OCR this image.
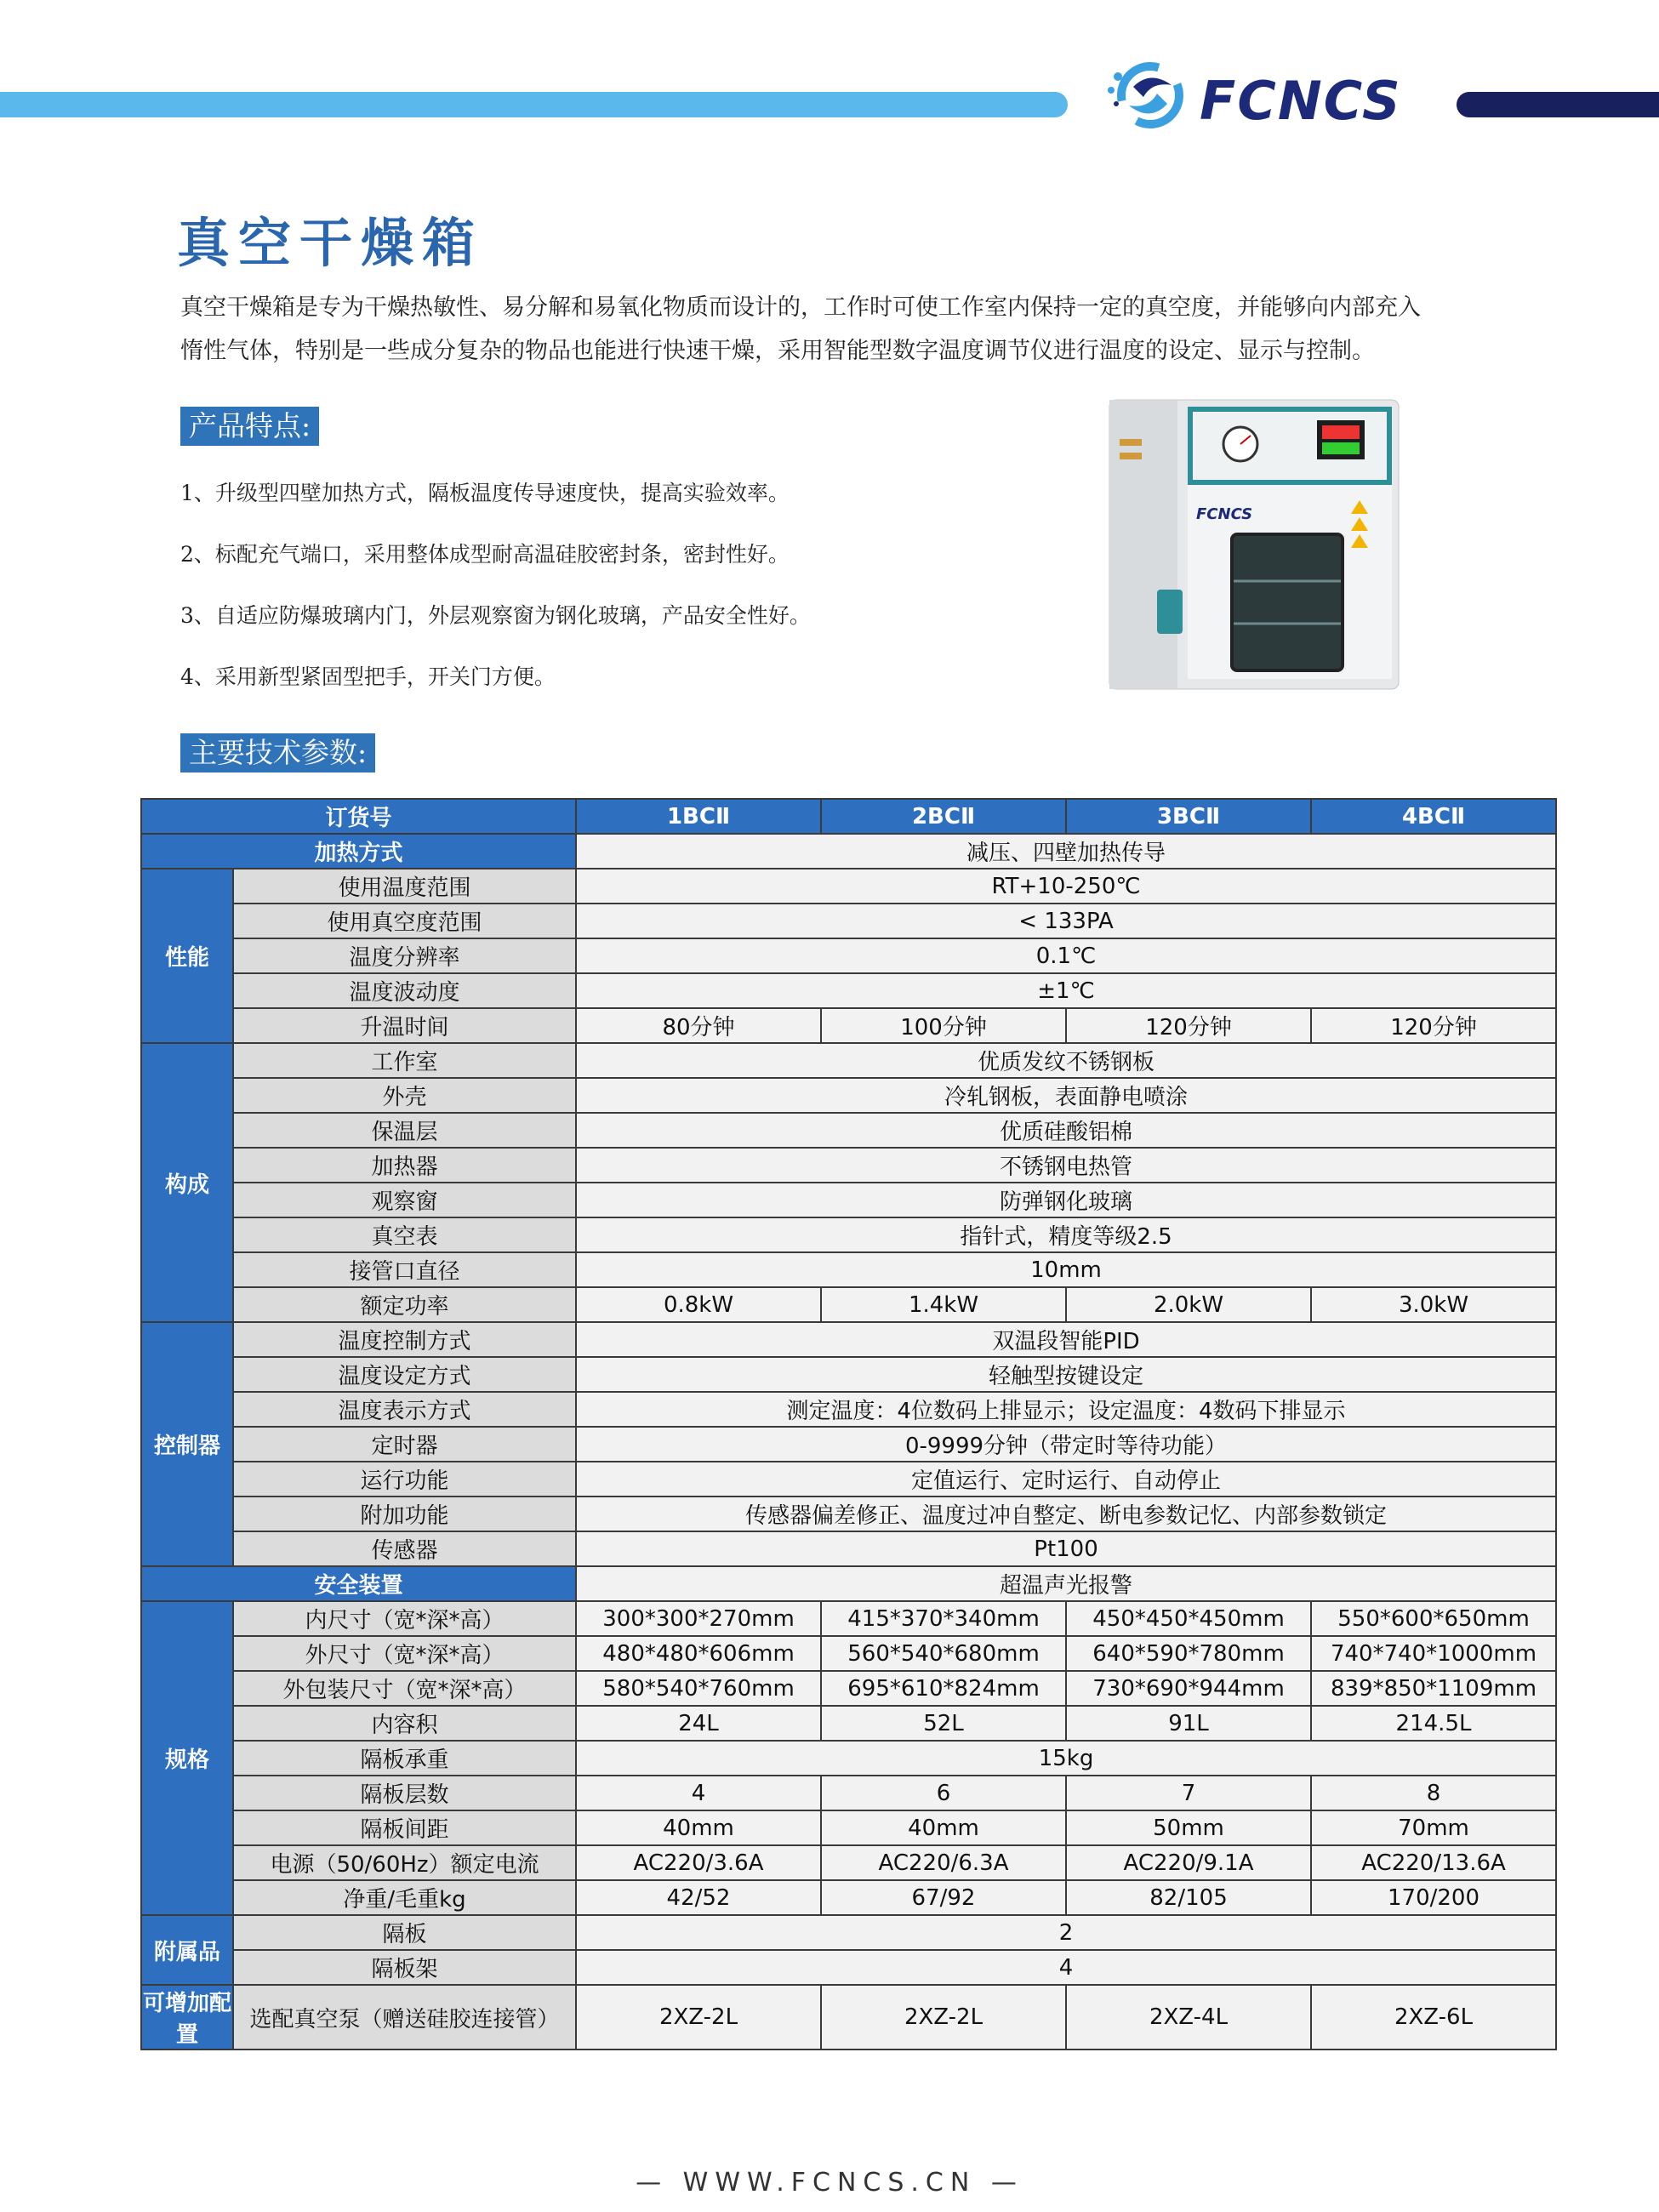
FCNCS
真空干燥箱
真空干燥箱是专为干燥热敏性、易分解和易氧化物质而设计的，工作时可使工作室内保持一定的真空度，并能够向内部充入惰性气体，特别是一些成分复杂的物品也能进行快速干燥，采用智能型数字温度调节仪进行温度的设定、显示与控制。
产品特点:
1、升级型四壁加热方式，隔板温度传导速度快，提高实验效率。
2、标配充气端口，采用整体成型耐高温硅胶密封条，密封性好。
3、自适应防爆玻璃内门，外层观察窗为钢化玻璃，产品安全性好。
4、采用新型紧固型把手，开关门方便。
FCNCS
主要技术参数:
订货号		1BCⅡ	2BCⅡ	3BCⅡ	4BCⅡ
加热方式		减压、四壁加热传导			
性能	使用温度范围	RT+10-250℃			
	使用真空度范围	< 133PA			
	温度分辨率	0.1℃			
	温度波动度	±1℃			
	升温时间	80分钟	100分钟	120分钟	120分钟
构成	工作室	优质发纹不锈钢板			
	外壳	冷轧钢板，表面静电喷涂			
	保温层	优质硅酸铝棉			
	加热器	不锈钢电热管			
	观察窗	防弹钢化玻璃			
	真空表	指针式，精度等级2.5			
	接管口直径	10mm			
	额定功率	0.8kW	1.4kW	2.0kW	3.0kW
控制器	温度控制方式	双温段智能PID			
	温度设定方式	轻触型按键设定			
	温度表示方式	测定温度：4位数码上排显示；设定温度：4数码下排显示			
	定时器	0-9999分钟（带定时等待功能）			
	运行功能	定值运行、定时运行、自动停止			
	附加功能	传感器偏差修正、温度过冲自整定、断电参数记忆、内部参数锁定			
	传感器	Pt100			
安全装置		超温声光报警			
规格	内尺寸（宽*深*高）	300*300*270mm	415*370*340mm	450*450*450mm	550*600*650mm
	外尺寸（宽*深*高）	480*480*606mm	560*540*680mm	640*590*780mm	740*740*1000mm
	外包装尺寸（宽*深*高）	580*540*760mm	695*610*824mm	730*690*944mm	839*850*1109mm
	内容积	24L	52L	91L	214.5L
	隔板承重	15kg			
	隔板层数	4	6	7	8
	隔板间距	40mm	40mm	50mm	70mm
	电源（50/60Hz）额定电流	AC220/3.6A	AC220/6.3A	AC220/9.1A	AC220/13.6A
	净重/毛重kg	42/52	67/92	82/105	170/200
附属品	隔板	2			
	隔板架	4			
可增加配置	选配真空泵（赠送硅胶连接管）	2XZ-2L	2XZ-2L	2XZ-4L	2XZ-6L
— WWW.FCNCS.CN —
